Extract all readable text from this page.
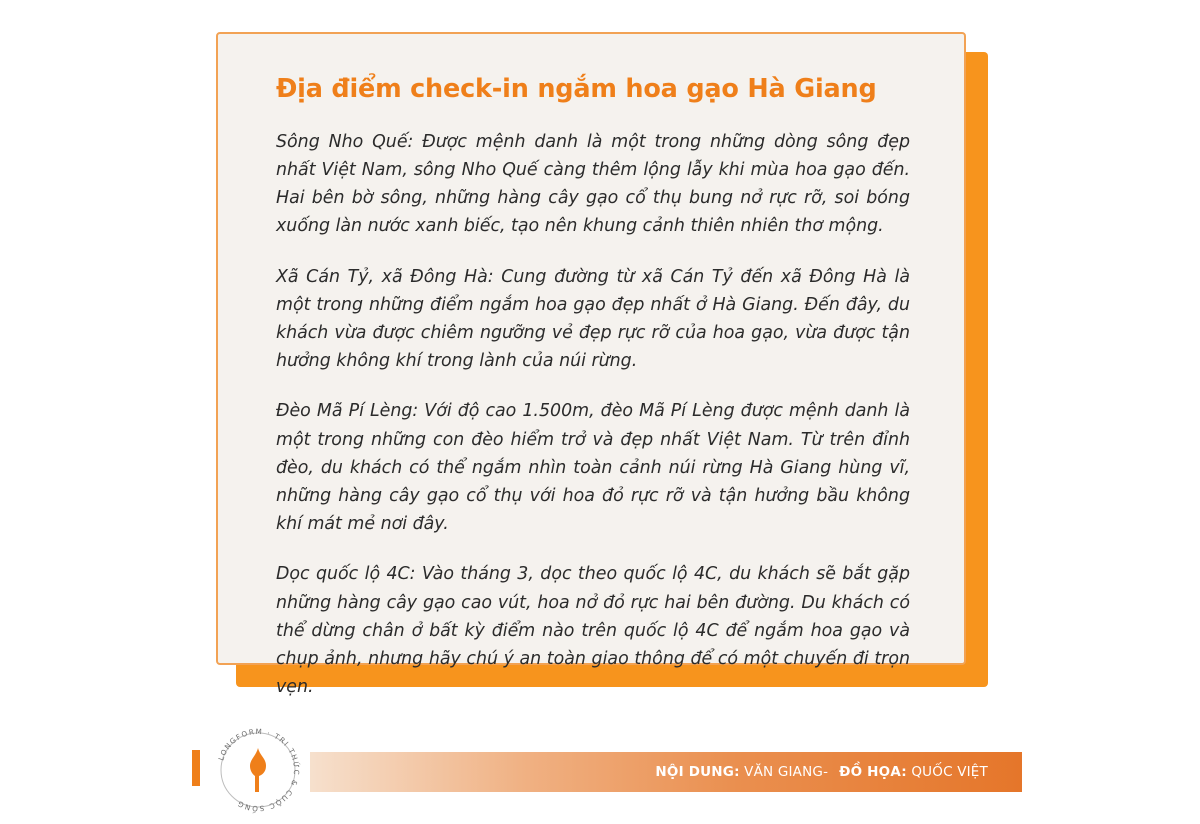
Địa điểm check-in ngắm hoa gạo Hà Giang

Sông Nho Quế: Được mệnh danh là một trong những dòng sông đẹp nhất Việt Nam, sông Nho Quế càng thêm lộng lẫy khi mùa hoa gạo đến. Hai bên bờ sông, những hàng cây gạo cổ thụ bung nở rực rỡ, soi bóng xuống làn nước xanh biếc, tạo nên khung cảnh thiên nhiên thơ mộng.

Xã Cán Tỷ, xã Đông Hà: Cung đường từ xã Cán Tỷ đến xã Đông Hà là một trong những điểm ngắm hoa gạo đẹp nhất ở Hà Giang. Đến đây, du khách vừa được chiêm ngưỡng vẻ đẹp rực rỡ của hoa gạo, vừa được tận hưởng không khí trong lành của núi rừng.

Đèo Mã Pí Lèng: Với độ cao 1.500m, đèo Mã Pí Lèng được mệnh danh là một trong những con đèo hiểm trở và đẹp nhất Việt Nam. Từ trên đỉnh đèo, du khách có thể ngắm nhìn toàn cảnh núi rừng Hà Giang hùng vĩ, những hàng cây gạo cổ thụ với hoa đỏ rực rỡ và tận hưởng bầu không khí mát mẻ nơi đây.

Dọc quốc lộ 4C: Vào tháng 3, dọc theo quốc lộ 4C, du khách sẽ bắt gặp những hàng cây gạo cao vút, hoa nở đỏ rực hai bên đường. Du khách có thể dừng chân ở bất kỳ điểm nào trên quốc lộ 4C để ngắm hoa gạo và chụp ảnh, nhưng hãy chú ý an toàn giao thông để có một chuyến đi trọn vẹn.

LONGFORM · TRI THỨC & CUỘC SỐNG
NỘI DUNG:
VĂN GIANG - ĐỒ HỌA:
QUỐC VIỆT
